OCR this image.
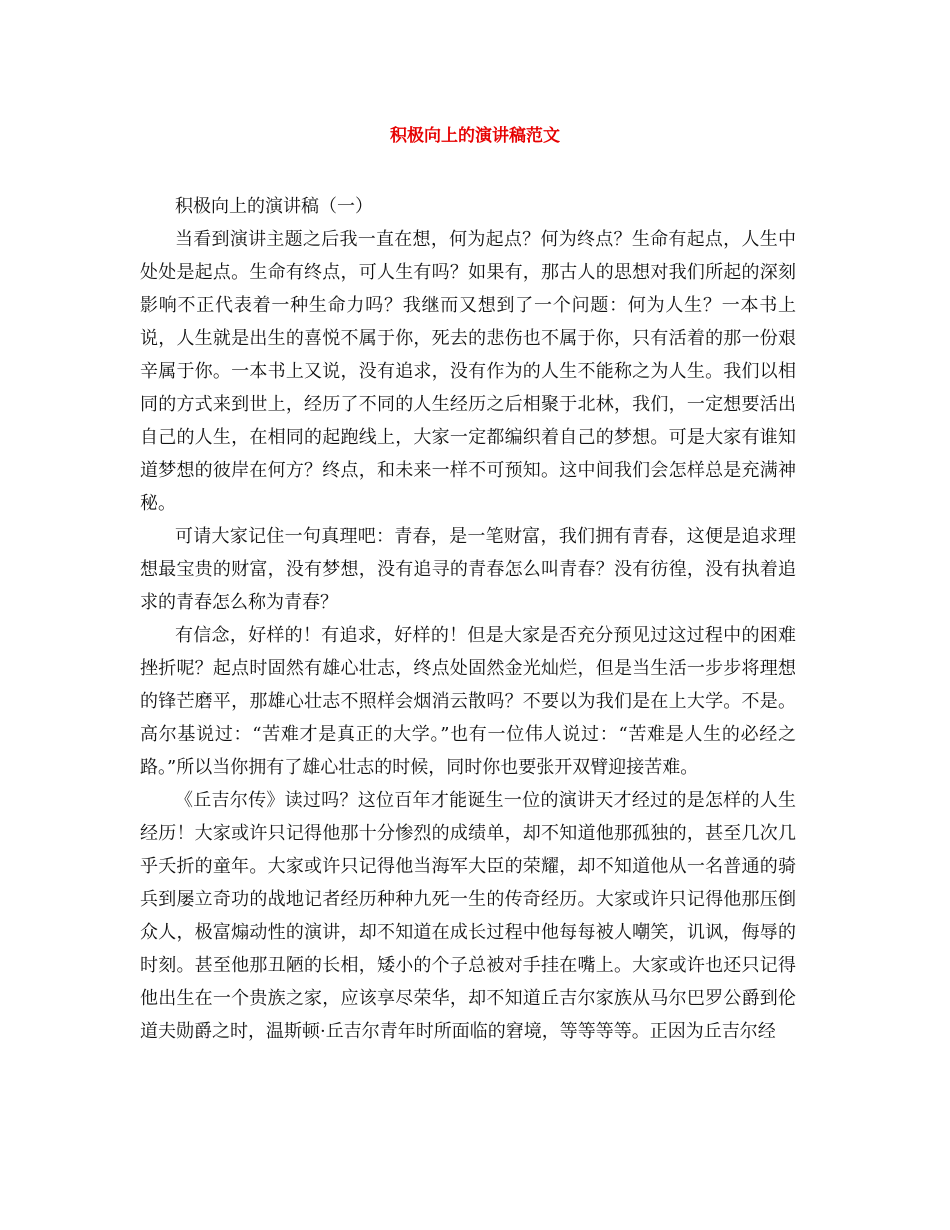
积极向上的演讲稿范文

积极向上的演讲稿（一）

当看到演讲主题之后我一直在想，何为起点？何为终点？生命有起点，人生中处处是起点。生命有终点，可人生有吗？如果有，那古人的思想对我们所起的深刻影响不正代表着一种生命力吗？我继而又想到了一个问题：何为人生？一本书上说，人生就是出生的喜悦不属于你，死去的悲伤也不属于你，只有活着的那一份艰辛属于你。一本书上又说，没有追求，没有作为的人生不能称之为人生。我们以相同的方式来到世上，经历了不同的人生经历之后相聚于北林，我们，一定想要活出自己的人生，在相同的起跑线上，大家一定都编织着自己的梦想。可是大家有谁知道梦想的彼岸在何方？终点，和未来一样不可预知。这中间我们会怎样总是充满神秘。

可请大家记住一句真理吧：青春，是一笔财富，我们拥有青春，这便是追求理想最宝贵的财富，没有梦想，没有追寻的青春怎么叫青春？没有彷徨，没有执着追求的青春怎么称为青春？

有信念，好样的！有追求，好样的！但是大家是否充分预见过这过程中的困难挫折呢？起点时固然有雄心壮志，终点处固然金光灿烂，但是当生活一步步将理想的锋芒磨平，那雄心壮志不照样会烟消云散吗？不要以为我们是在上大学。不是。高尔基说过：“苦难才是真正的大学。”也有一位伟人说过：“苦难是人生的必经之路。”所以当你拥有了雄心壮志的时候，同时你也要张开双臂迎接苦难。

《丘吉尔传》读过吗？这位百年才能诞生一位的演讲天才经过的是怎样的人生经历！大家或许只记得他那十分惨烈的成绩单，却不知道他那孤独的，甚至几次几乎夭折的童年。大家或许只记得他当海军大臣的荣耀，却不知道他从一名普通的骑兵到屡立奇功的战地记者经历种种九死一生的传奇经历。大家或许只记得他那压倒众人，极富煽动性的演讲，却不知道在成长过程中他每每被人嘲笑，讥讽，侮辱的时刻。甚至他那丑陋的长相，矮小的个子总被对手挂在嘴上。大家或许也还只记得他出生在一个贵族之家，应该享尽荣华，却不知道丘吉尔家族从马尔巴罗公爵到伦道夫勋爵之时，温斯顿·丘吉尔青年时所面临的窘境，等等等等。正因为丘吉尔经
